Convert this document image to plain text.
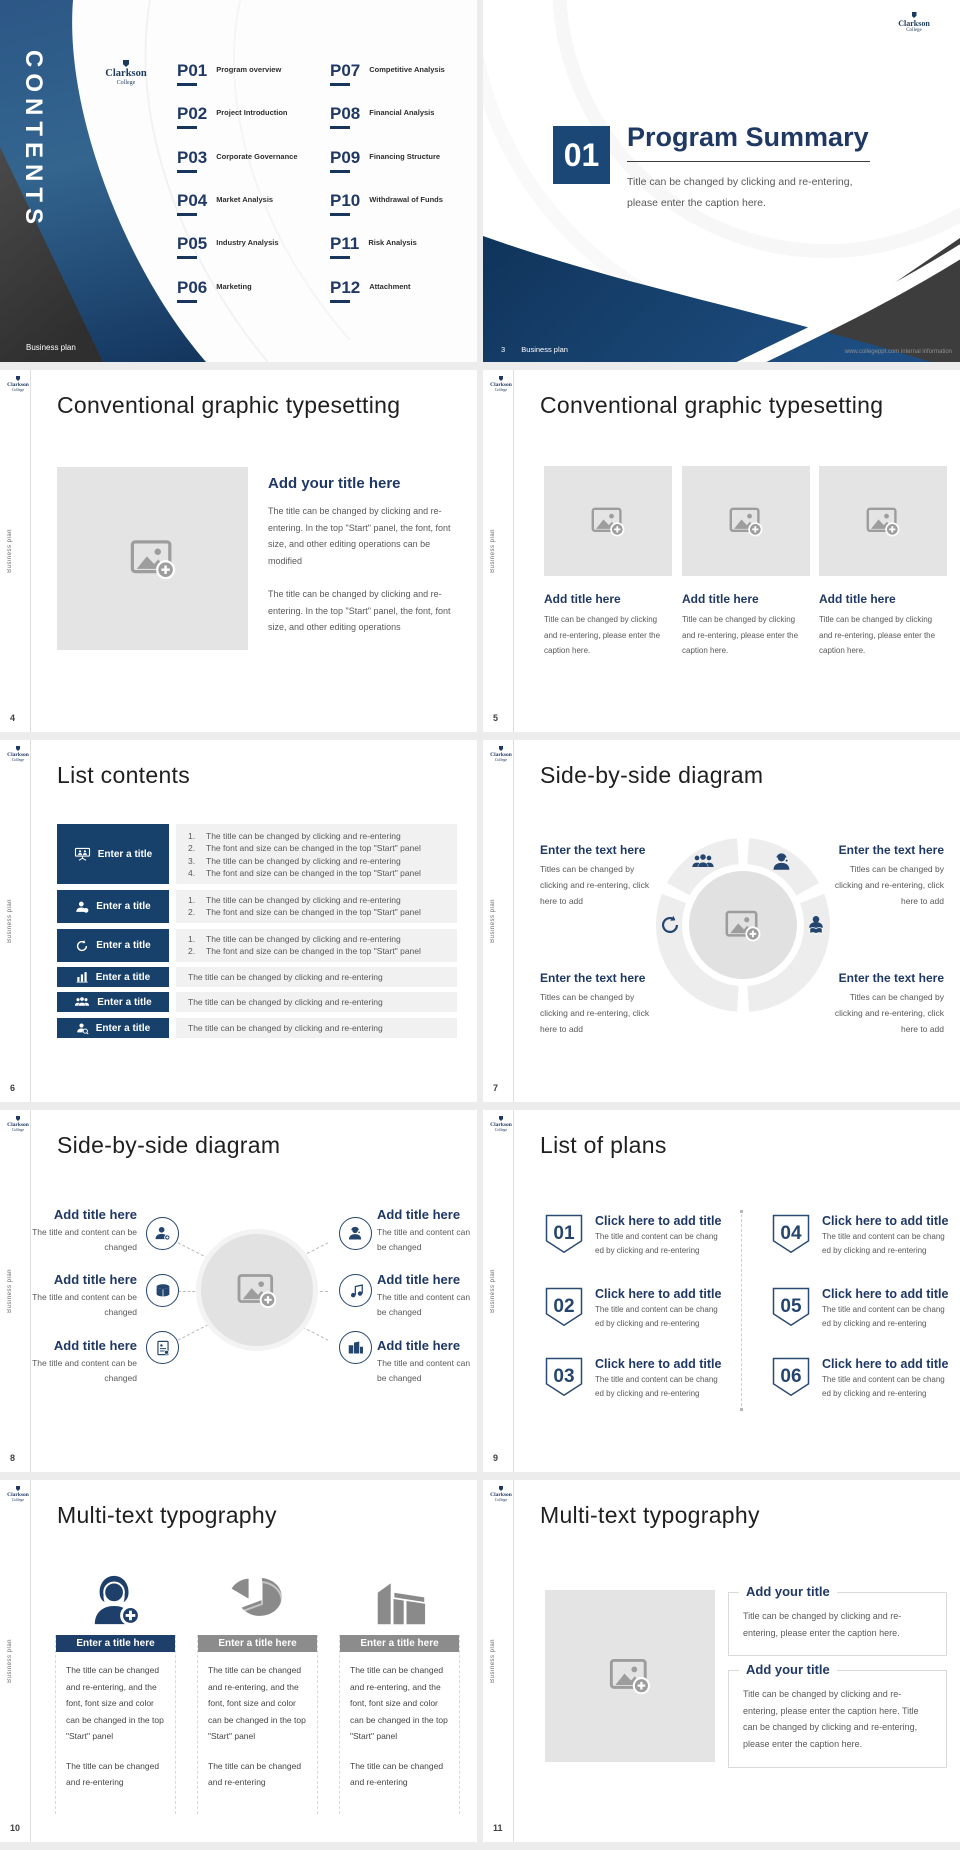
CONTENTS	Clarkson
College
P01 Program overview
P02 Project Introduction
P03 Corporate Governance
P04 Market Analysis
P05 Industry Analysis
P06 Marketing
P07 Competitive Analysis
P08 Financial Analysis
P09 Financing Structure
P10 Withdrawal of Funds
P11 Risk Analysis
P12 Attachment
Business plan
Clarkson
College
01	Program Summary
Title can be changed by clicking and re-entering,
please enter the caption here.
3 Business plan	www.collegeppt.com internal information
Clarkson
College
Business plan
Conventional graphic typesetting
Add your title here
The title can be changed by clicking and re-entering. In the top "Start" panel, the font, font size, and other editing operations can be modified
The title can be changed by clicking and re-entering. In the top "Start" panel, the font, font size, and other editing operations
4
Clarkson
College
Business plan
Conventional graphic typesetting
Add title here	Add title here	Add title here
Title can be changed by clicking and re-entering, please enter the caption here.
Title can be changed by clicking and re-entering, please enter the caption here.
Title can be changed by clicking and re-entering, please enter the caption here.
5
Clarkson
College
Business plan
List contents
Enter a title
1.	The title can be changed by clicking and re-entering
2.	The font and size can be changed in the top "Start" panel
3.	The title can be changed by clicking and re-entering
4.	The font and size can be changed in the top "Start" panel
Enter a title
1.	The title can be changed by clicking and re-entering
2.	The font and size can be changed in the top "Start" panel
Enter a title
1.	The title can be changed by clicking and re-entering
2.	The font and size can be changed in the top "Start" panel
Enter a title	The title can be changed by clicking and re-entering
Enter a title	The title can be changed by clicking and re-entering
Enter a title	The title can be changed by clicking and re-entering
6
Clarkson
College
Business plan
Side-by-side diagram
Enter the text here
Titles can be changed by clicking and re-entering, click here to add
Enter the text here
Titles can be changed by clicking and re-entering, click here to add
Enter the text here
Titles can be changed by clicking and re-entering, click here to add
Enter the text here
Titles can be changed by clicking and re-entering, click here to add
7
Clarkson
College
Business plan
Side-by-side diagram
Add title here
The title and content can be changed
Add title here
The title and content can be changed
Add title here
The title and content can be changed
Add title here
The title and content can be changed
Add title here
The title and content can be changed
Add title here
The title and content can be changed
8
Clarkson
College
Business plan
List of plans
01
Click here to add title
The title and content can be chang
ed by clicking and re-entering
02
Click here to add title
The title and content can be chang
ed by clicking and re-entering
03
Click here to add title
The title and content can be chang
ed by clicking and re-entering
04
Click here to add title
The title and content can be chang
ed by clicking and re-entering
05
Click here to add title
The title and content can be chang
ed by clicking and re-entering
06
Click here to add title
The title and content can be chang
ed by clicking and re-entering
9
Clarkson
College
Business plan
Multi-text typography
Enter a title here

The title can be changed and re-entering, and the font, font size and color can be changed in the top "Start" panel

The title can be changed and re-entering

Enter a title here

The title can be changed and re-entering, and the font, font size and color can be changed in the top "Start" panel

The title can be changed and re-entering

Enter a title here

The title can be changed and re-entering, and the font, font size and color can be changed in the top "Start" panel

The title can be changed and re-entering

10
Clarkson
College
Business plan
Multi-text typography
Add your title
Title can be changed by clicking and re-entering, please enter the caption here.
Add your title
Title can be changed by clicking and re-entering, please enter the caption here. Title can be changed by clicking and re-entering, please enter the caption here.
11
